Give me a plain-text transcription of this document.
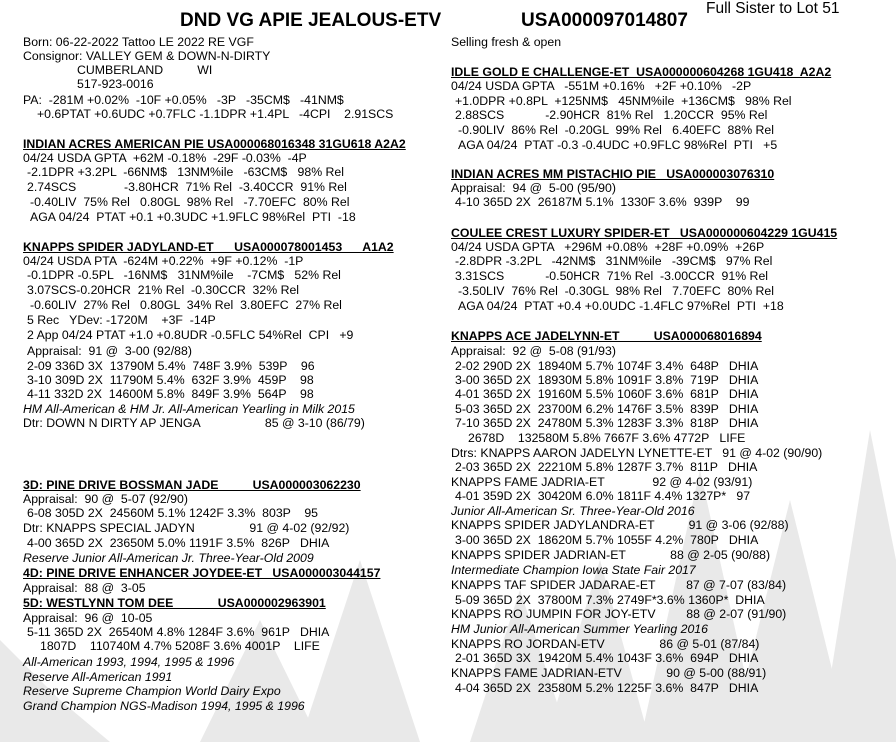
DND VG APIE JEALOUS-ETV	USA000097014807
Full Sister to Lot 51
Born: 06-22-2022 Tattoo LE 2022 RE VGF
Consignor: VALLEY GEM & DOWN-N-DIRTY
CUMBERLAND          WI
517-923-0016
PA:  -281M +0.02%  -10F +0.05%   -3P   -35CM$   -41NM$
+0.6PTAT +0.6UDC +0.7FLC -1.1DPR +1.4PL   -4CPI    2.91SCS
INDIAN ACRES AMERICAN PIE USA000068016348 31GU618 A2A2
04/24 USDA GPTA  +62M -0.18%  -29F -0.03%  -4P
-2.1DPR +3.2PL  -66NM$   13NM%ile   -63CM$   98% Rel
2.74SCS              -3.80HCR  71% Rel  -3.40CCR  91% Rel
-0.40LIV  75% Rel   0.80GL  98% Rel   -7.70EFC  80% Rel
AGA 04/24  PTAT +0.1 +0.3UDC +1.9FLC 98%Rel  PTI  -18
KNAPPS SPIDER JADYLAND-ET      USA000078001453      A1A2
04/24 USDA PTA  -624M +0.22%  +9F +0.12%  -1P
-0.1DPR -0.5PL   -16NM$   31NM%ile    -7CM$   52% Rel
3.07SCS-0.20HCR  21% Rel  -0.30CCR  32% Rel
-0.60LIV  27% Rel   0.80GL  34% Rel  3.80EFC  27% Rel
5 Rec   YDev: -1720M    +3F  -14P
2 App 04/24 PTAT +1.0 +0.8UDR -0.5FLC 54%Rel  CPI   +9
Appraisal:  91 @  3-00 (92/88)
2-09 336D 3X  13790M 5.4%  748F 3.9%  539P    96
3-10 309D 2X  11790M 5.4%  632F 3.9%  459P    98
4-11 332D 2X  14600M 5.8%  849F 3.9%  564P    98
HM All-American & HM Jr. All-American Yearling in Milk 2015
Dtr: DOWN N DIRTY AP JENGA                   85 @ 3-10 (86/79)
3D: PINE DRIVE BOSSMAN JADE          USA000003062230
Appraisal:  90 @  5-07 (92/90)
6-08 305D 2X  24560M 5.1% 1242F 3.3%  803P    95
Dtr: KNAPPS SPECIAL JADYN                91 @ 4-02 (92/92)
4-00 365D 2X  23650M 5.0% 1191F 3.5%  826P   DHIA
Reserve Junior All-American Jr. Three-Year-Old 2009
4D: PINE DRIVE ENHANCER JOYDEE-ET   USA000003044157
Appraisal:  88 @  3-05
5D: WESTLYNN TOM DEE             USA000002963901
Appraisal:  96 @  10-05
5-11 365D 2X  26540M 4.8% 1284F 3.6%  961P   DHIA
1807D    110740M 4.7% 5208F 3.6% 4001P    LIFE
All-American 1993, 1994, 1995 & 1996
Reserve All-American 1991
Reserve Supreme Champion World Dairy Expo
Grand Champion NGS-Madison 1994, 1995 & 1996
Selling fresh & open
IDLE GOLD E CHALLENGE-ET  USA000000604268 1GU418  A2A2
04/24 USDA GPTA   -551M +0.16%   +2F +0.10%   -2P
+1.0DPR +0.8PL  +125NM$   45NM%ile  +136CM$   98% Rel
2.88SCS            -2.90HCR  81% Rel   1.20CCR  95% Rel
-0.90LIV  86% Rel  -0.20GL  99% Rel   6.40EFC  88% Rel
AGA 04/24  PTAT -0.3 -0.4UDC +0.9FLC 98%Rel  PTI   +5
INDIAN ACRES MM PISTACHIO PIE   USA000003076310
Appraisal:  94 @  5-00 (95/90)
4-10 365D 2X  26187M 5.1%  1330F 3.6%  939P    99
COULEE CREST LUXURY SPIDER-ET   USA000000604229 1GU415
04/24 USDA GPTA   +296M +0.08%  +28F +0.09%  +26P
-2.8DPR -3.2PL   -42NM$   31NM%ile   -39CM$   97% Rel
3.31SCS            -0.50HCR  71% Rel  -3.00CCR  91% Rel
-3.50LIV  76% Rel  -0.30GL  98% Rel   7.70EFC  80% Rel
AGA 04/24  PTAT +0.4 +0.0UDC -1.4FLC 97%Rel  PTI  +18
KNAPPS ACE JADELYNN-ET          USA000068016894
Appraisal:  92 @  5-08 (91/93)
2-02 290D 2X  18940M 5.7% 1074F 3.4%  648P   DHIA
3-00 365D 2X  18930M 5.8% 1091F 3.8%  719P   DHIA
4-01 365D 2X  19160M 5.5% 1060F 3.6%  681P   DHIA
5-03 365D 2X  23700M 6.2% 1476F 3.5%  839P   DHIA
7-10 365D 2X  24780M 5.3% 1283F 3.3%  818P   DHIA
2678D    132580M 5.8% 7667F 3.6% 4772P   LIFE
Dtrs: KNAPPS AARON JADELYN LYNETTE-ET   91 @ 4-02 (90/90)
2-03 365D 2X  22210M 5.8% 1287F 3.7%  811P   DHIA
KNAPPS FAME JADRIA-ET              92 @ 4-02 (93/91)
4-01 359D 2X  30420M 6.0% 1811F 4.4% 1327P*   97
Junior All-American Sr. Three-Year-Old 2016
KNAPPS SPIDER JADYLANDRA-ET          91 @ 3-06 (92/88)
3-00 365D 2X  18620M 5.7% 1055F 4.2%  780P   DHIA
KNAPPS SPIDER JADRIAN-ET             88 @ 2-05 (90/88)
Intermediate Champion Iowa State Fair 2017
KNAPPS TAF SPIDER JADARAE-ET         87 @ 7-07 (83/84)
5-09 365D 2X  37800M 7.3% 2749F*3.6% 1360P*  DHIA
KNAPPS RO JUMPIN FOR JOY-ETV         88 @ 2-07 (91/90)
HM Junior All-American Summer Yearling 2016
KNAPPS RO JORDAN-ETV                86 @ 5-01 (87/84)
2-01 365D 3X  19420M 5.4% 1043F 3.6%  694P   DHIA
KNAPPS FAME JADRIAN-ETV             90 @ 5-00 (88/91)
4-04 365D 2X  23580M 5.2% 1225F 3.6%  847P   DHIA
